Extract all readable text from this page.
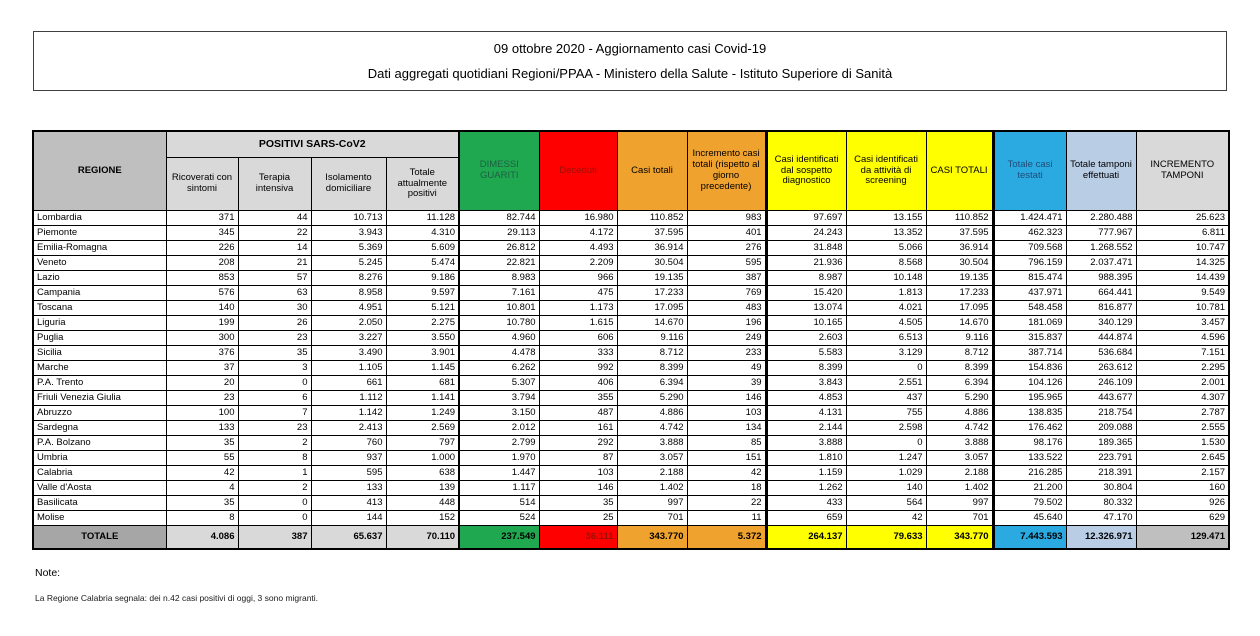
09 ottobre 2020 - Aggiornamento casi Covid-19
Dati aggregati quotidiani Regioni/PPAA - Ministero della Salute - Istituto Superiore di Sanità
REGIONE	POSITIVI SARS-CoV2				DIMESSI GUARITI	Deceduti	Casi totali	Incremento casi totali (rispetto al giorno precedente)	Casi identificati dal sospetto diagnostico	Casi identificati da attività di screening	CASI TOTALI	Totale casi testati	Totale tamponi effettuati	INCREMENTO TAMPONI
	Ricoverati con sintomi	Terapia intensiva	Isolamento domiciliare	Totale attualmente positivi										
Lombardia	371	44	10.713	11.128	82.744	16.980	110.852	983	97.697	13.155	110.852	1.424.471	2.280.488	25.623
Piemonte	345	22	3.943	4.310	29.113	4.172	37.595	401	24.243	13.352	37.595	462.323	777.967	6.811
Emilia-Romagna	226	14	5.369	5.609	26.812	4.493	36.914	276	31.848	5.066	36.914	709.568	1.268.552	10.747
Veneto	208	21	5.245	5.474	22.821	2.209	30.504	595	21.936	8.568	30.504	796.159	2.037.471	14.325
Lazio	853	57	8.276	9.186	8.983	966	19.135	387	8.987	10.148	19.135	815.474	988.395	14.439
Campania	576	63	8.958	9.597	7.161	475	17.233	769	15.420	1.813	17.233	437.971	664.441	9.549
Toscana	140	30	4.951	5.121	10.801	1.173	17.095	483	13.074	4.021	17.095	548.458	816.877	10.781
Liguria	199	26	2.050	2.275	10.780	1.615	14.670	196	10.165	4.505	14.670	181.069	340.129	3.457
Puglia	300	23	3.227	3.550	4.960	606	9.116	249	2.603	6.513	9.116	315.837	444.874	4.596
Sicilia	376	35	3.490	3.901	4.478	333	8.712	233	5.583	3.129	8.712	387.714	536.684	7.151
Marche	37	3	1.105	1.145	6.262	992	8.399	49	8.399	0	8.399	154.836	263.612	2.295
P.A. Trento	20	0	661	681	5.307	406	6.394	39	3.843	2.551	6.394	104.126	246.109	2.001
Friuli Venezia Giulia	23	6	1.112	1.141	3.794	355	5.290	146	4.853	437	5.290	195.965	443.677	4.307
Abruzzo	100	7	1.142	1.249	3.150	487	4.886	103	4.131	755	4.886	138.835	218.754	2.787
Sardegna	133	23	2.413	2.569	2.012	161	4.742	134	2.144	2.598	4.742	176.462	209.088	2.555
P.A. Bolzano	35	2	760	797	2.799	292	3.888	85	3.888	0	3.888	98.176	189.365	1.530
Umbria	55	8	937	1.000	1.970	87	3.057	151	1.810	1.247	3.057	133.522	223.791	2.645
Calabria	42	1	595	638	1.447	103	2.188	42	1.159	1.029	2.188	216.285	218.391	2.157
Valle d'Aosta	4	2	133	139	1.117	146	1.402	18	1.262	140	1.402	21.200	30.804	160
Basilicata	35	0	413	448	514	35	997	22	433	564	997	79.502	80.332	926
Molise	8	0	144	152	524	25	701	11	659	42	701	45.640	47.170	629
TOTALE	4.086	387	65.637	70.110	237.549	36.111	343.770	5.372	264.137	79.633	343.770	7.443.593	12.326.971	129.471
Note:
La Regione Calabria segnala: dei n.42 casi positivi di oggi, 3 sono migranti.
